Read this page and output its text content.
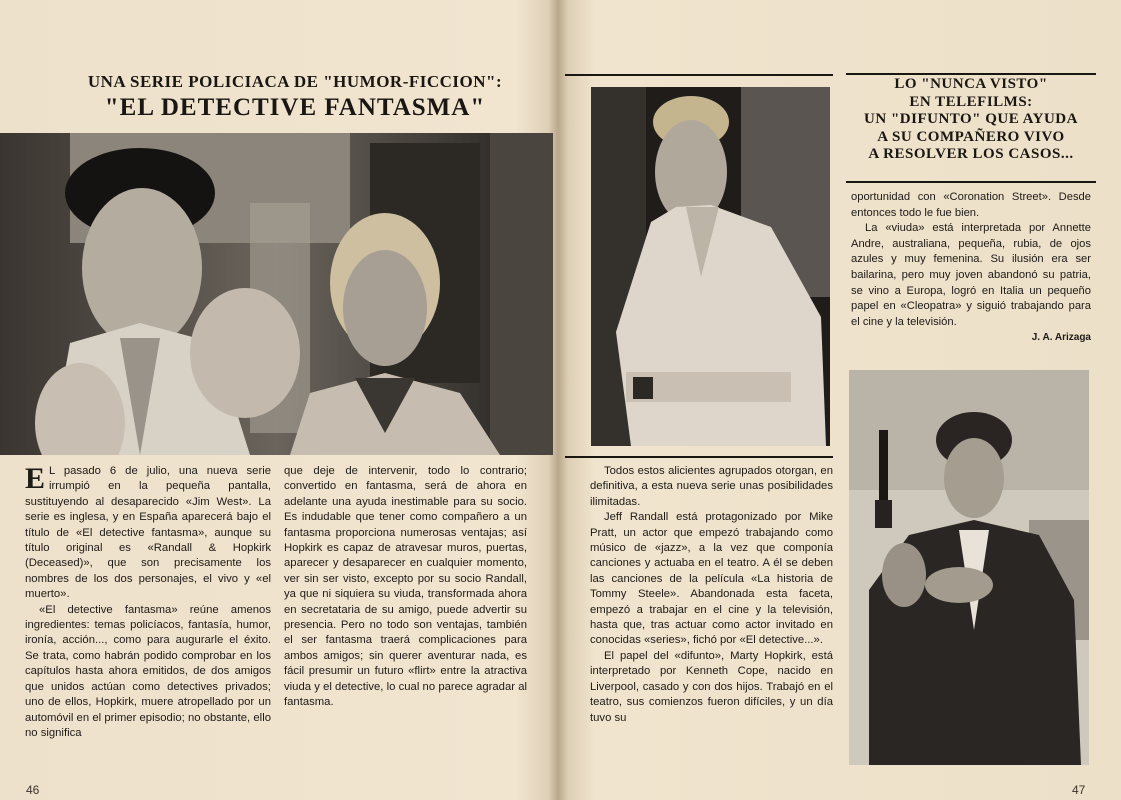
UNA SERIE POLICIACA DE "HUMOR-FICCION":
"EL DETECTIVE FANTASMA"

E L pasado 6 de julio, una nueva serie irrumpió en la pequeña pantalla, sustituyendo al desaparecido «Jim West». La serie es inglesa, y en España aparecerá bajo el título de «El detective fantasma», aunque su título original es «Randall & Hopkirk (Deceased)», que son precisamente los nombres de los dos personajes, el vivo y «el muerto».

«El detective fantasma» reúne amenos ingredientes: temas policíacos, fantasía, humor, ironía, acción..., como para augurarle el éxito. Se trata, como habrán podido comprobar en los capítulos hasta ahora emitidos, de dos amigos que unidos actúan como detectives privados; uno de ellos, Hopkirk, muere atropellado por un automóvil en el primer episodio; no obstante, ello no significa

que deje de intervenir, todo lo contrario; convertido en fantasma, será de ahora en adelante una ayuda inestimable para su socio. Es indudable que tener como compañero a un fantasma proporciona numerosas ventajas; así Hopkirk es capaz de atravesar muros, puertas, aparecer y desaparecer en cualquier momento, ver sin ser visto, excepto por su socio Randall, ya que ni siquiera su viuda, transformada ahora en secretataria de su amigo, puede advertir su presencia. Pero no todo son ventajas, también el ser fantasma traerá complicaciones para ambos amigos; sin querer aventurar nada, es fácil presumir un futuro «flirt» entre la atractiva viuda y el detective, lo cual no parece agradar al fantasma.

46
LO "NUNCA VISTO"
EN TELEFILMS:
UN "DIFUNTO" QUE AYUDA
A SU COMPAÑERO VIVO
A RESOLVER LOS CASOS...

oportunidad con «Coronation Street». Desde entonces todo le fue bien.

La «viuda» está interpretada por Annette Andre, australiana, pequeña, rubia, de ojos azules y muy femenina. Su ilusión era ser bailarina, pero muy joven abandonó su patria, se vino a Europa, logró en Italia un pequeño papel en «Cleopatra» y siguió trabajando para el cine y la televisión.

J. A. Arizaga

Todos estos alicientes agrupados otorgan, en definitiva, a esta nueva serie unas posibilidades ilimitadas.

Jeff Randall está protagonizado por Mike Pratt, un actor que empezó trabajando como músico de «jazz», a la vez que componía canciones y actuaba en el teatro. A él se deben las canciones de la película «La historia de Tommy Steele». Abandonada esta faceta, empezó a trabajar en el cine y la televisión, hasta que, tras actuar como actor invitado en conocidas «series», fichó por «El detective...».

El papel del «difunto», Marty Hopkirk, está interpretado por Kenneth Cope, nacido en Liverpool, casado y con dos hijos. Trabajó en el teatro, sus comienzos fueron difíciles, y un día tuvo su

47
